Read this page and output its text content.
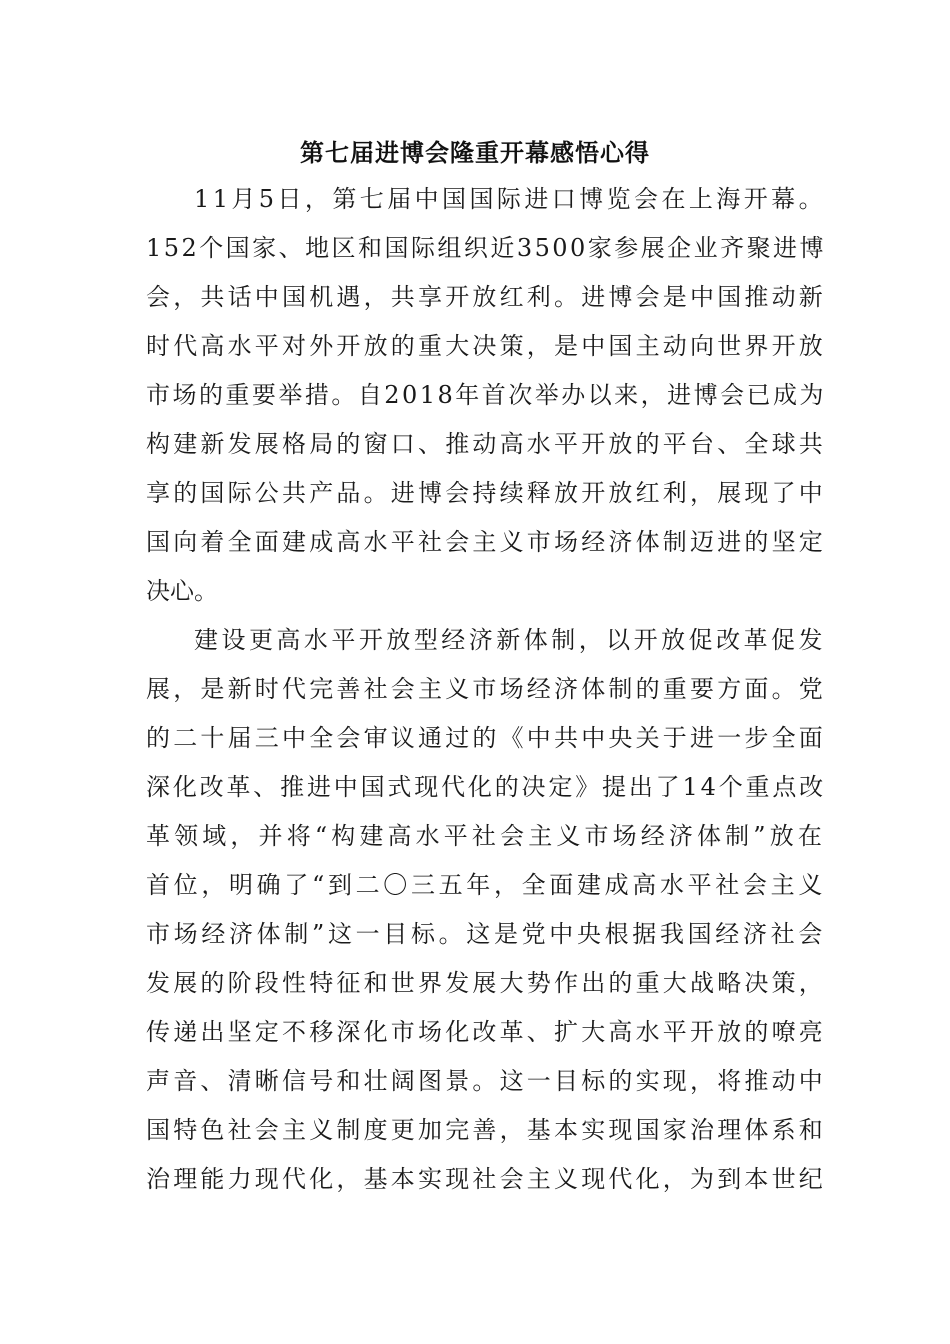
第七届进博会隆重开幕感悟心得
11月5日，第七届中国国际进口博览会在上海开幕。
152个国家、地区和国际组织近3500家参展企业齐聚进博
会，共话中国机遇，共享开放红利。进博会是中国推动新
时代高水平对外开放的重大决策，是中国主动向世界开放
市场的重要举措。自2018年首次举办以来，进博会已成为
构建新发展格局的窗口、推动高水平开放的平台、全球共
享的国际公共产品。进博会持续释放开放红利，展现了中
国向着全面建成高水平社会主义市场经济体制迈进的坚定
决心。
建设更高水平开放型经济新体制，以开放促改革促发
展，是新时代完善社会主义市场经济体制的重要方面。党
的二十届三中全会审议通过的《中共中央关于进一步全面
深化改革、推进中国式现代化的决定》提出了14个重点改
革领域，并将“构建高水平社会主义市场经济体制”放在
首位，明确了“到二〇三五年，全面建成高水平社会主义
市场经济体制”这一目标。这是党中央根据我国经济社会
发展的阶段性特征和世界发展大势作出的重大战略决策，
传递出坚定不移深化市场化改革、扩大高水平开放的嘹亮
声音、清晰信号和壮阔图景。这一目标的实现，将推动中
国特色社会主义制度更加完善，基本实现国家治理体系和
治理能力现代化，基本实现社会主义现代化，为到本世纪
